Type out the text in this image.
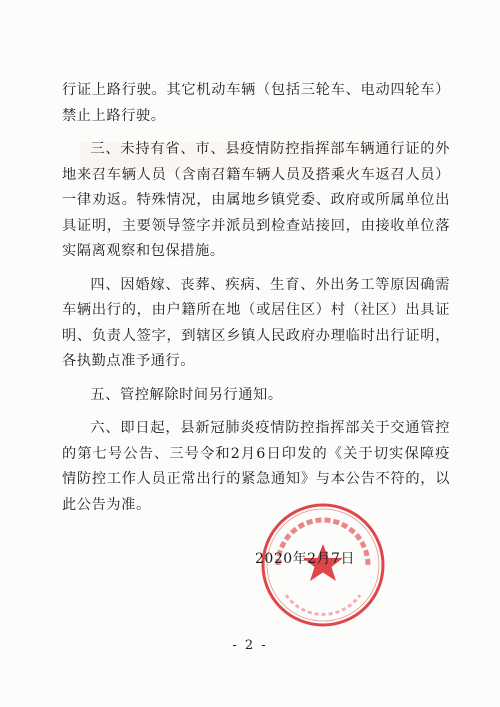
行证上路行驶。其它机动车辆（包括三轮车、电动四轮车）禁止上路行驶。

三、未持有省、市、县疫情防控指挥部车辆通行证的外地来召车辆人员（含南召籍车辆人员及搭乘火车返召人员）一律劝返。特殊情况，由属地乡镇党委、政府或所属单位出具证明，主要领导签字并派员到检查站接回，由接收单位落实隔离观察和包保措施。

四、因婚嫁、丧葬、疾病、生育、外出务工等原因确需车辆出行的，由户籍所在地（或居住区）村（社区）出具证明、负责人签字，到辖区乡镇人民政府办理临时出行证明，各执勤点准予通行。

五、管控解除时间另行通知。

六、即日起，县新冠肺炎疫情防控指挥部关于交通管控的第七号公告、三号令和2月6日印发的《关于切实保障疫情防控工作人员正常出行的紧急通知》与本公告不符的，以此公告为准。

2020年2月7日
- 2 -
